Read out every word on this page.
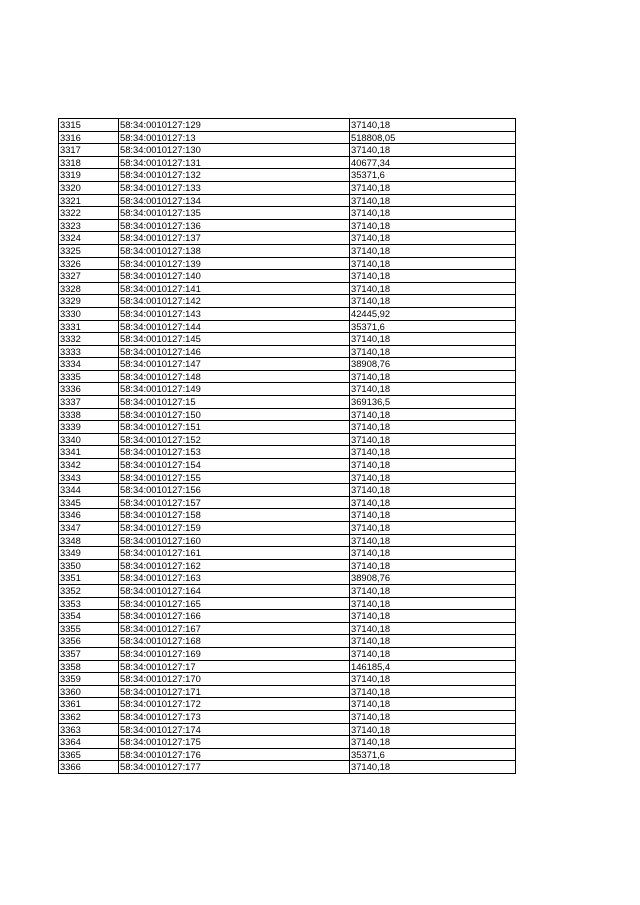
3315	58:34:0010127:129	37140,18
3316	58:34:0010127:13	518808,05
3317	58:34:0010127:130	37140,18
3318	58:34:0010127:131	40677,34
3319	58:34:0010127:132	35371,6
3320	58:34:0010127:133	37140,18
3321	58:34:0010127:134	37140,18
3322	58:34:0010127:135	37140,18
3323	58:34:0010127:136	37140,18
3324	58:34:0010127:137	37140,18
3325	58:34:0010127:138	37140,18
3326	58:34:0010127:139	37140,18
3327	58:34:0010127:140	37140,18
3328	58:34:0010127:141	37140,18
3329	58:34:0010127:142	37140,18
3330	58:34:0010127:143	42445,92
3331	58:34:0010127:144	35371,6
3332	58:34:0010127:145	37140,18
3333	58:34:0010127:146	37140,18
3334	58:34:0010127:147	38908,76
3335	58:34:0010127:148	37140,18
3336	58:34:0010127:149	37140,18
3337	58:34:0010127:15	369136,5
3338	58:34:0010127:150	37140,18
3339	58:34:0010127:151	37140,18
3340	58:34:0010127:152	37140,18
3341	58:34:0010127:153	37140,18
3342	58:34:0010127:154	37140,18
3343	58:34:0010127:155	37140,18
3344	58:34:0010127:156	37140,18
3345	58:34:0010127:157	37140,18
3346	58:34:0010127:158	37140,18
3347	58:34:0010127:159	37140,18
3348	58:34:0010127:160	37140,18
3349	58:34:0010127:161	37140,18
3350	58:34:0010127:162	37140,18
3351	58:34:0010127:163	38908,76
3352	58:34:0010127:164	37140,18
3353	58:34:0010127:165	37140,18
3354	58:34:0010127:166	37140,18
3355	58:34:0010127:167	37140,18
3356	58:34:0010127:168	37140,18
3357	58:34:0010127:169	37140,18
3358	58:34:0010127:17	146185,4
3359	58:34:0010127:170	37140,18
3360	58:34:0010127:171	37140,18
3361	58:34:0010127:172	37140,18
3362	58:34:0010127:173	37140,18
3363	58:34:0010127:174	37140,18
3364	58:34:0010127:175	37140,18
3365	58:34:0010127:176	35371,6
3366	58:34:0010127:177	37140,18
